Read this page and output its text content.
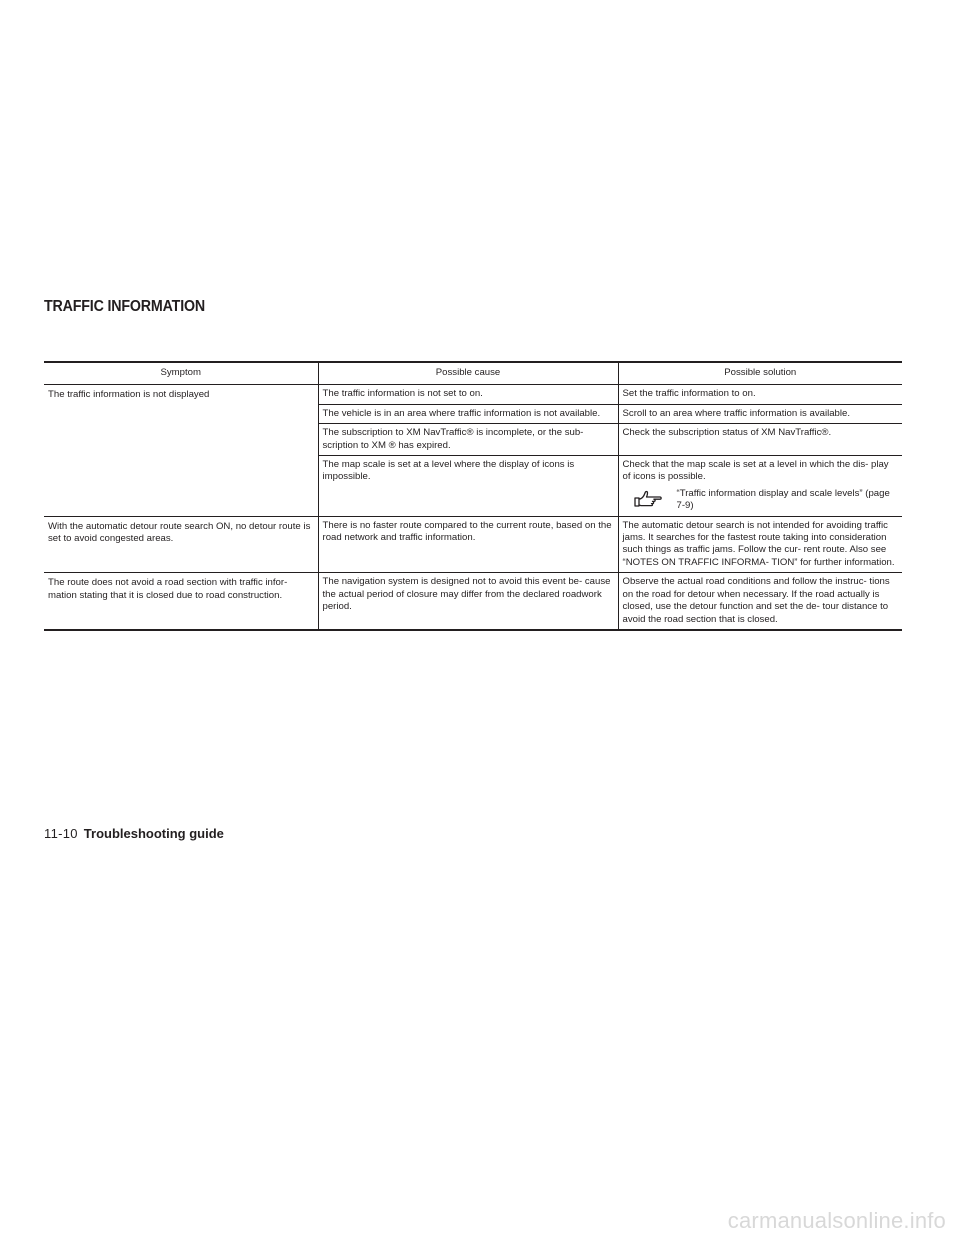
TRAFFIC INFORMATION
Symptom	Possible cause	Possible solution
The traffic information is not displayed	The traffic information is not set to on.	Set the traffic information to on.
	The vehicle is in an area where traffic information is not available.	Scroll to an area where traffic information is available.
	The subscription to XM NavTraffic® is incomplete, or the sub- scription to XM ® has expired.	Check the subscription status of XM NavTraffic®.
	The map scale is set at a level where the display of icons is impossible.	Check that the map scale is set at a level in which the dis- play of icons is possible.
“Traffic information display and scale levels” (page 7-9)

With the automatic detour route search ON, no detour route is set to avoid congested areas.	There is no faster route compared to the current route, based on the road network and traffic information.	The automatic detour search is not intended for avoiding traffic jams. It searches for the fastest route taking into consideration such things as traffic jams. Follow the cur- rent route. Also see “NOTES ON TRAFFIC INFORMA- TION” for further information.
The route does not avoid a road section with traffic infor- mation stating that it is closed due to road construction.	The navigation system is designed not to avoid this event be- cause the actual period of closure may differ from the declared roadwork period.	Observe the actual road conditions and follow the instruc- tions on the road for detour when necessary. If the road actually is closed, use the detour function and set the de- tour distance to avoid the road section that is closed.
11-10 Troubleshooting guide
carmanualsonline.info
